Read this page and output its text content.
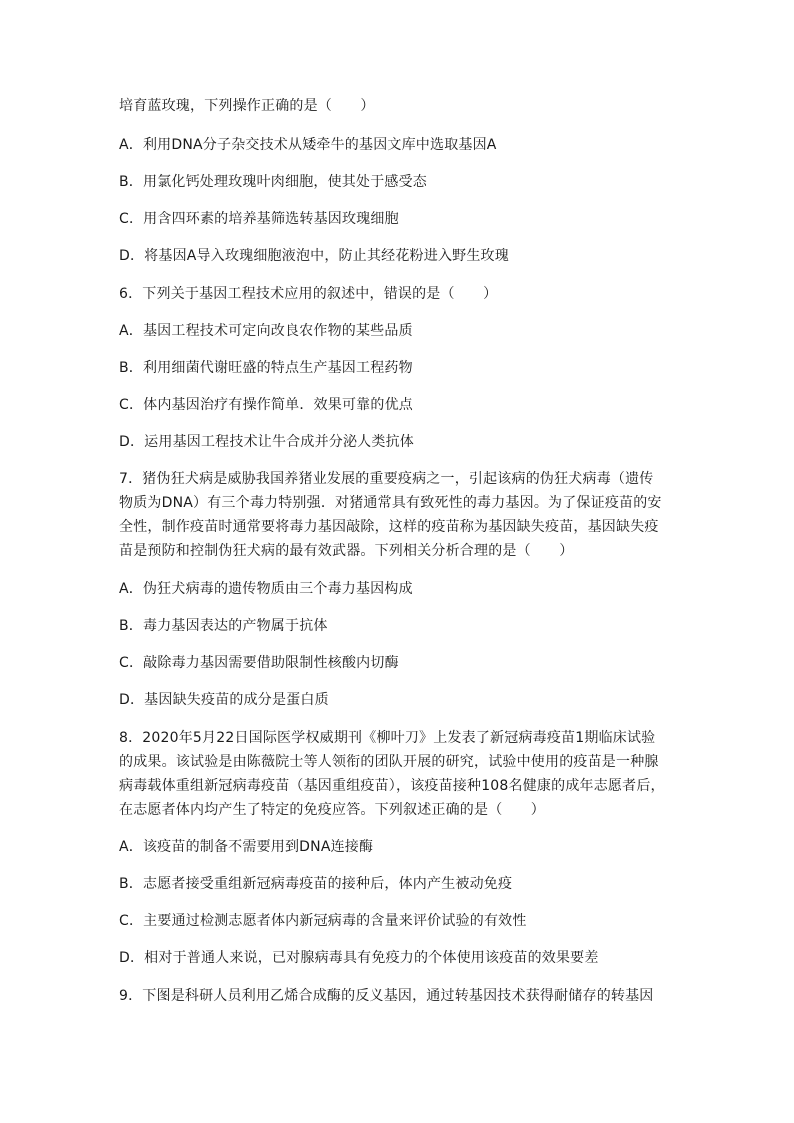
培育蓝玫瑰，下列操作正确的是（　　）
A．利用DNA分子杂交技术从矮牵牛的基因文库中选取基因A
B．用氯化钙处理玫瑰叶肉细胞，使其处于感受态
C．用含四环素的培养基筛选转基因玫瑰细胞
D．将基因A导入玫瑰细胞液泡中，防止其经花粉进入野生玫瑰
6．下列关于基因工程技术应用的叙述中，错误的是（　　）
A．基因工程技术可定向改良农作物的某些品质
B．利用细菌代谢旺盛的特点生产基因工程药物
C．体内基因治疗有操作简单．效果可靠的优点
D．运用基因工程技术让牛合成并分泌人类抗体
7．猪伪狂犬病是威胁我国养猪业发展的重要疫病之一，引起该病的伪狂犬病毒（遗传
物质为DNA）有三个毒力特别强．对猪通常具有致死性的毒力基因。为了保证疫苗的安
全性，制作疫苗时通常要将毒力基因敲除，这样的疫苗称为基因缺失疫苗，基因缺失疫
苗是预防和控制伪狂犬病的最有效武器。下列相关分析合理的是（　　）
A．伪狂犬病毒的遗传物质由三个毒力基因构成
B．毒力基因表达的产物属于抗体
C．敲除毒力基因需要借助限制性核酸内切酶
D．基因缺失疫苗的成分是蛋白质
8．2020年5月22日国际医学权威期刊《柳叶刀》上发表了新冠病毒疫苗1期临床试验
的成果。该试验是由陈薇院士等人领衔的团队开展的研究，试验中使用的疫苗是一种腺
病毒载体重组新冠病毒疫苗（基因重组疫苗），该疫苗接种108名健康的成年志愿者后，
在志愿者体内均产生了特定的免疫应答。下列叙述正确的是（　　）
A．该疫苗的制备不需要用到DNA连接酶
B．志愿者接受重组新冠病毒疫苗的接种后，体内产生被动免疫
C．主要通过检测志愿者体内新冠病毒的含量来评价试验的有效性
D．相对于普通人来说，已对腺病毒具有免疫力的个体使用该疫苗的效果要差
9．下图是科研人员利用乙烯合成酶的反义基因，通过转基因技术获得耐储存的转基因
